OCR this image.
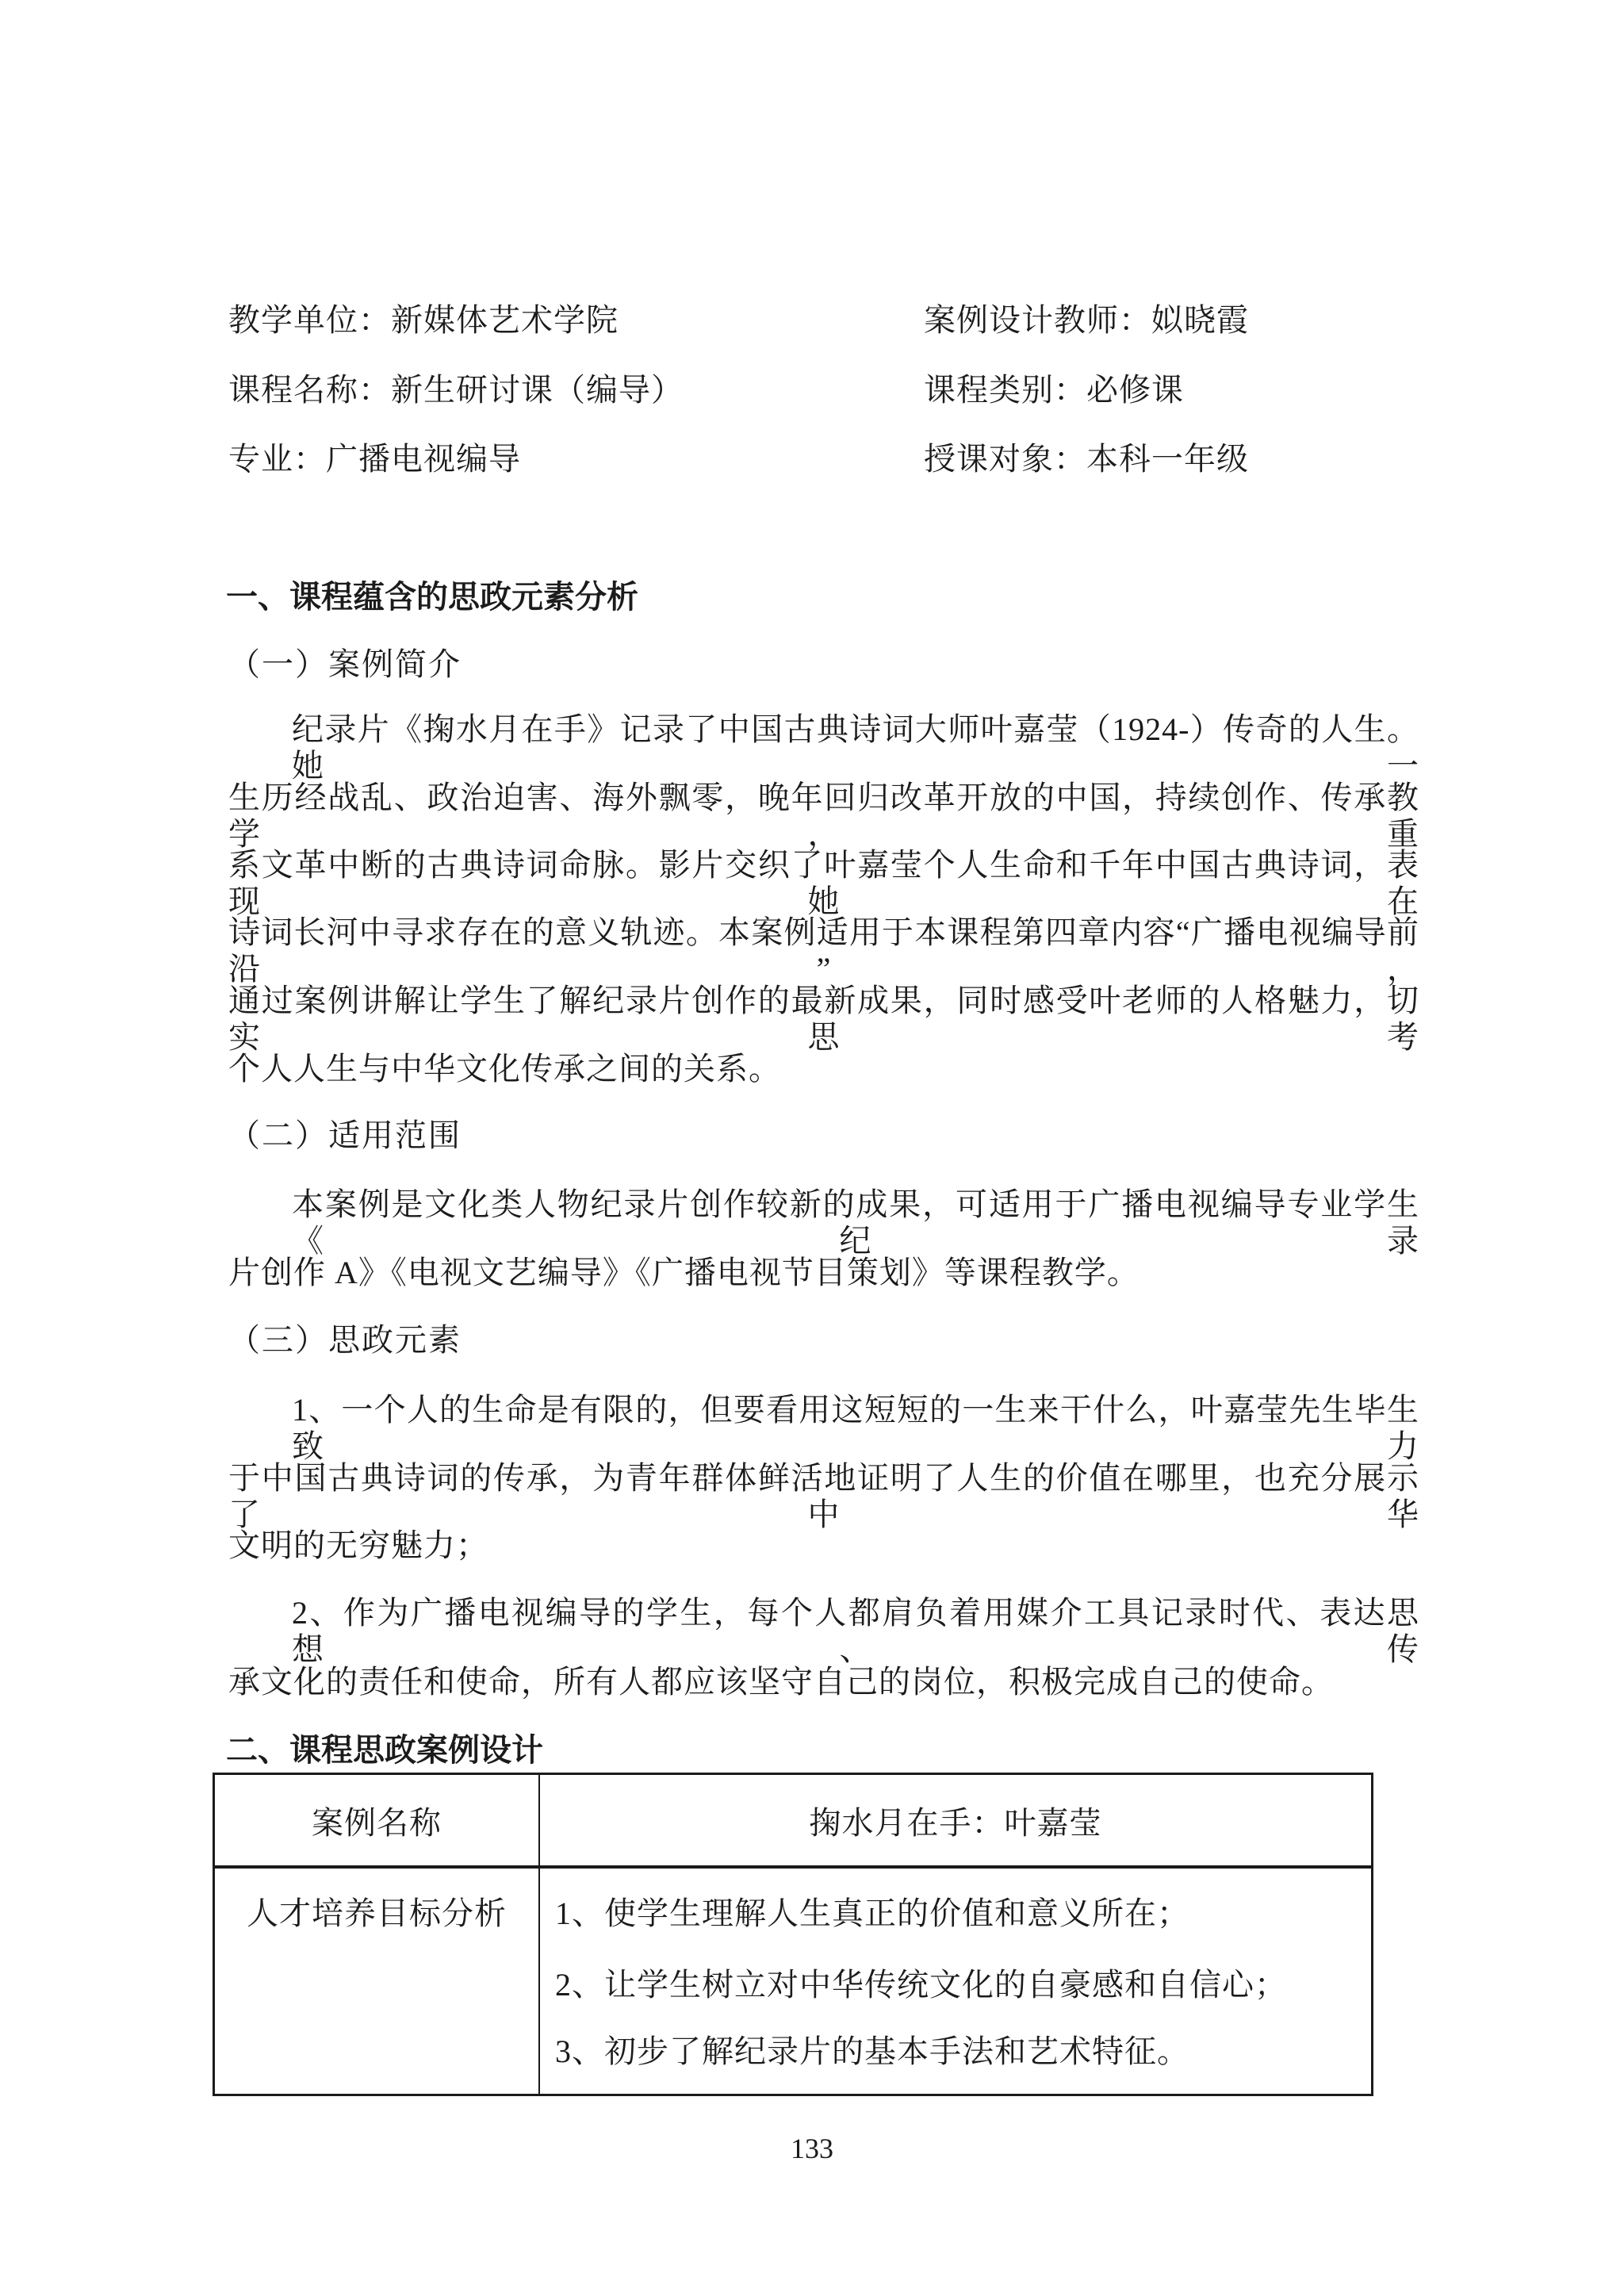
教学单位：新媒体艺术学院	案例设计教师：姒晓霞
课程名称：新生研讨课（编导）	课程类别：必修课
专业：广播电视编导	授课对象：本科一年级
一、课程蕴含的思政元素分析
（一）案例简介
纪录片《掬水月在手》记录了中国古典诗词大师叶嘉莹（1924-）传奇的人生。她一
生历经战乱、政治迫害、海外飘零，晚年回归改革开放的中国，持续创作、传承教学，重
系文革中断的古典诗词命脉。影片交织了叶嘉莹个人生命和千年中国古典诗词，表现她在
诗词长河中寻求存在的意义轨迹。本案例适用于本课程第四章内容“广播电视编导前沿”，
通过案例讲解让学生了解纪录片创作的最新成果，同时感受叶老师的人格魅力，切实思考
个人人生与中华文化传承之间的关系。
（二）适用范围
本案例是文化类人物纪录片创作较新的成果，可适用于广播电视编导专业学生《纪录
片创作 A》《电视文艺编导》《广播电视节目策划》等课程教学。
（三）思政元素
1、一个人的生命是有限的，但要看用这短短的一生来干什么，叶嘉莹先生毕生致力
于中国古典诗词的传承，为青年群体鲜活地证明了人生的价值在哪里，也充分展示了中华
文明的无穷魅力；
2、作为广播电视编导的学生，每个人都肩负着用媒介工具记录时代、表达思想、传
承文化的责任和使命，所有人都应该坚守自己的岗位，积极完成自己的使命。
二、课程思政案例设计
案例名称	掬水月在手：叶嘉莹
人才培养目标分析	1、使学生理解人生真正的价值和意义所在；
2、让学生树立对中华传统文化的自豪感和自信心；
3、初步了解纪录片的基本手法和艺术特征。
133
